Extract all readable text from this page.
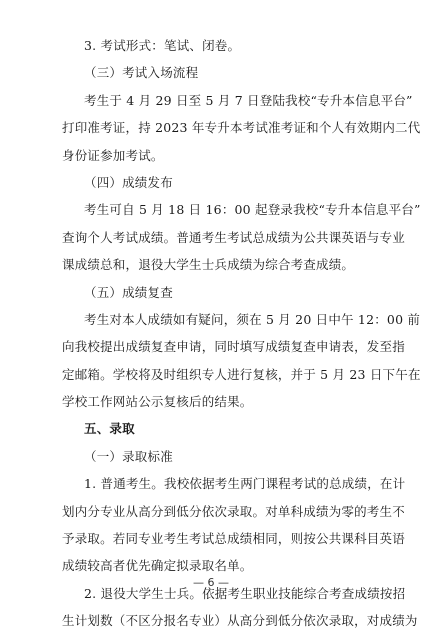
3. 考试形式：笔试、闭卷。
（三）考试入场流程
考生于 4 月 29 日至 5 月 7 日登陆我校“专升本信息平台”
打印准考证，持 2023 年专升本考试准考证和个人有效期内二代
身份证参加考试。
（四）成绩发布
考生可自 5 月 18 日 16：00 起登录我校“专升本信息平台”
查询个人考试成绩。普通考生考试总成绩为公共课英语与专业
课成绩总和，退役大学生士兵成绩为综合考查成绩。
（五）成绩复查
考生对本人成绩如有疑问，须在 5 月 20 日中午 12：00 前
向我校提出成绩复查申请，同时填写成绩复查申请表，发至指
定邮箱。学校将及时组织专人进行复核，并于 5 月 23 日下午在
学校工作网站公示复核后的结果。
五、录取
（一）录取标准
1. 普通考生。我校依据考生两门课程考试的总成绩，在计
划内分专业从高分到低分依次录取。对单科成绩为零的考生不
予录取。若同专业考生考试总成绩相同，则按公共课科目英语
成绩较高者优先确定拟录取名单。
2. 退役大学生士兵。依据考生职业技能综合考查成绩按招
生计划数（不区分报名专业）从高分到低分依次录取，对成绩为
— 6 —
